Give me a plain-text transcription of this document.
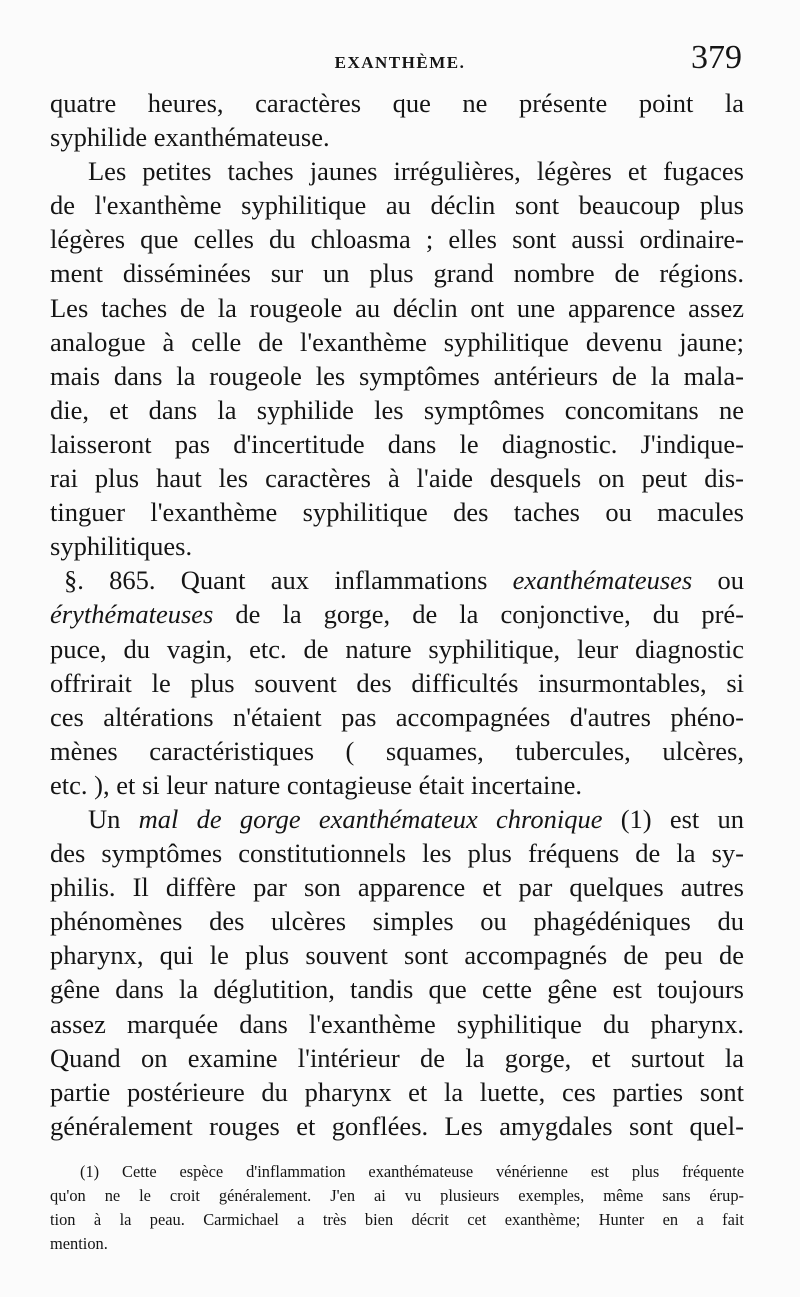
EXANTHÈME.	379
quatre heures, caractères que ne présente point la
syphilide exanthémateuse.
Les petites taches jaunes irrégulières, légères et fugaces
de l'exanthème syphilitique au déclin sont beaucoup plus
légères que celles du chloasma ; elles sont aussi ordinaire-
ment disséminées sur un plus grand nombre de régions.
Les taches de la rougeole au déclin ont une apparence assez
analogue à celle de l'exanthème syphilitique devenu jaune;
mais dans la rougeole les symptômes antérieurs de la mala-
die, et dans la syphilide les symptômes concomitans ne
laisseront pas d'incertitude dans le diagnostic. J'indique-
rai plus haut les caractères à l'aide desquels on peut dis-
tinguer l'exanthème syphilitique des taches ou macules
syphilitiques.
§. 865. Quant aux inflammations exanthémateuses ou
érythémateuses de la gorge, de la conjonctive, du pré-
puce, du vagin, etc. de nature syphilitique, leur diagnostic
offrirait le plus souvent des difficultés insurmontables, si
ces altérations n'étaient pas accompagnées d'autres phéno-
mènes caractéristiques ( squames, tubercules, ulcères,
etc. ), et si leur nature contagieuse était incertaine.
Un mal de gorge exanthémateux chronique (1) est un
des symptômes constitutionnels les plus fréquens de la sy-
philis. Il diffère par son apparence et par quelques autres
phénomènes des ulcères simples ou phagédéniques du
pharynx, qui le plus souvent sont accompagnés de peu de
gêne dans la déglutition, tandis que cette gêne est toujours
assez marquée dans l'exanthème syphilitique du pharynx.
Quand on examine l'intérieur de la gorge, et surtout la
partie postérieure du pharynx et la luette, ces parties sont
généralement rouges et gonflées. Les amygdales sont quel-
(1) Cette espèce d'inflammation exanthémateuse vénérienne est plus fréquente
qu'on ne le croit généralement. J'en ai vu plusieurs exemples, même sans érup-
tion à la peau. Carmichael a très bien décrit cet exanthème; Hunter en a fait
mention.
